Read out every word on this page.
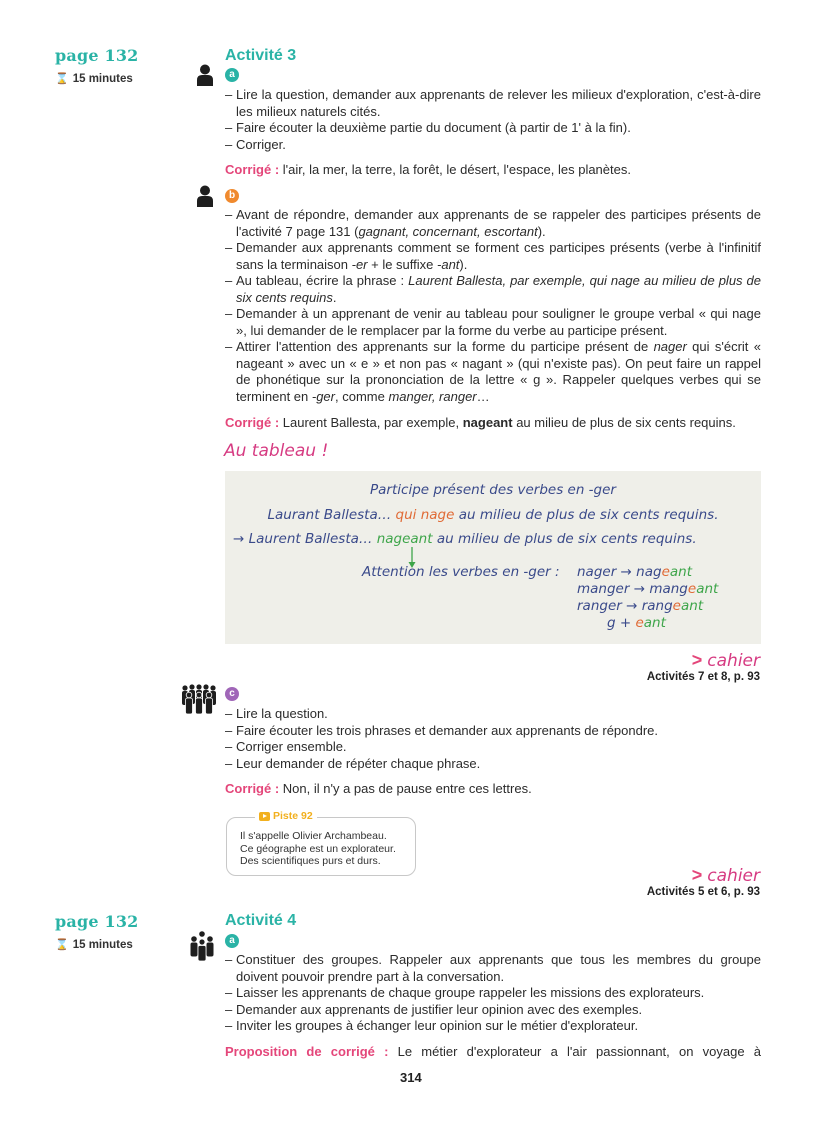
page 132
⌛ 15 minutes
Activité 3
a
– Lire la question, demander aux apprenants de relever les milieux d'exploration, c'est-à-dire les milieux naturels cités.
– Faire écouter la deuxième partie du document (à partir de 1' à la fin).
– Corriger.
Corrigé : l'air, la mer, la terre, la forêt, le désert, l'espace, les planètes.
b
– Avant de répondre, demander aux apprenants de se rappeler des participes présents de l'activité 7 page 131 (gagnant, concernant, escortant).
– Demander aux apprenants comment se forment ces participes présents (verbe à l'infinitif sans la terminaison -er + le suffixe -ant).
– Au tableau, écrire la phrase : Laurent Ballesta, par exemple, qui nage au milieu de plus de six cents requins.
– Demander à un apprenant de venir au tableau pour souligner le groupe verbal « qui nage », lui demander de le remplacer par la forme du verbe au participe présent.
– Attirer l'attention des apprenants sur la forme du participe présent de nager qui s'écrit « nageant » avec un « e » et non pas « nagant » (qui n'existe pas). On peut faire un rappel de phonétique sur la prononciation de la lettre « g ». Rappeler quelques verbes qui se terminent en -ger, comme manger, ranger…
Corrigé : Laurent Ballesta, par exemple, nageant au milieu de plus de six cents requins.
Au tableau !
Participe présent des verbes en -ger
Laurant Ballesta… qui nage au milieu de plus de six cents requins.
→ Laurent Ballesta… nageant au milieu de plus de six cents requins.
Attention les verbes en -ger : nager → nageant
manger → mangeant
ranger → rangeant
g + eant
> cahier
Activités 7 et 8, p. 93
c
– Lire la question.
– Faire écouter les trois phrases et demander aux apprenants de répondre.
– Corriger ensemble.
– Leur demander de répéter chaque phrase.
Corrigé : Non, il n'y a pas de pause entre ces lettres.
Piste 92
Il s'appelle Olivier Archambeau.
Ce géographe est un explorateur.
Des scientifiques purs et durs.
> cahier
Activités 5 et 6, p. 93
page 132
⌛ 15 minutes
Activité 4
a
– Constituer des groupes. Rappeler aux apprenants que tous les membres du groupe doivent pouvoir prendre part à la conversation.
– Laisser les apprenants de chaque groupe rappeler les missions des explorateurs.
– Demander aux apprenants de justifier leur opinion avec des exemples.
– Inviter les groupes à échanger leur opinion sur le métier d'explorateur.
Proposition de corrigé : Le métier d'explorateur a l'air passionnant, on voyage à
314
